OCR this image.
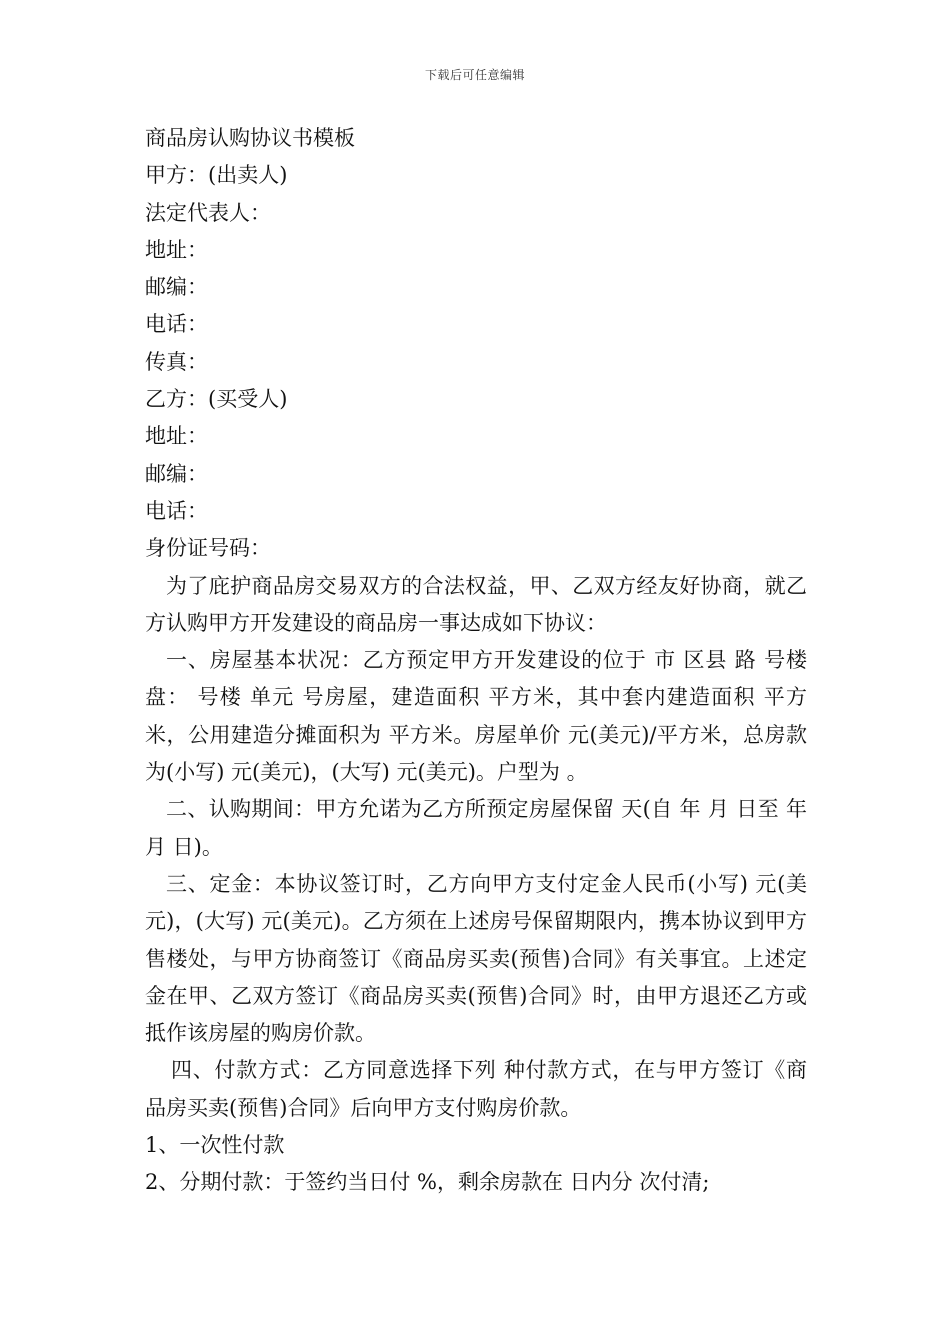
下载后可任意编辑

商品房认购协议书模板

甲方：(出卖人)

法定代表人：

地址：

邮编：

电话：

传真：

乙方：(买受人)

地址：

邮编：

电话：

身份证号码：

为了庇护商品房交易双方的合法权益，甲、乙双方经友好协商，就乙方认购甲方开发建设的商品房一事达成如下协议：

一、房屋基本状况：乙方预定甲方开发建设的位于 市 区县 路 号楼盘： 号楼 单元 号房屋，建造面积 平方米，其中套内建造面积 平方米，公用建造分摊面积为 平方米。房屋单价 元(美元)/平方米，总房款为(小写) 元(美元)，(大写) 元(美元)。户型为 。

二、认购期间：甲方允诺为乙方所预定房屋保留 天(自 年 月 日至 年 月 日)。

三、定金：本协议签订时，乙方向甲方支付定金人民币(小写) 元(美元)，(大写) 元(美元)。乙方须在上述房号保留期限内，携本协议到甲方售楼处，与甲方协商签订《商品房买卖(预售)合同》有关事宜。上述定金在甲、乙双方签订《商品房买卖(预售)合同》时，由甲方退还乙方或抵作该房屋的购房价款。

四、付款方式：乙方同意选择下列 种付款方式，在与甲方签订《商品房买卖(预售)合同》后向甲方支付购房价款。

1、一次性付款

2、分期付款：于签约当日付 %，剩余房款在 日内分 次付清;
